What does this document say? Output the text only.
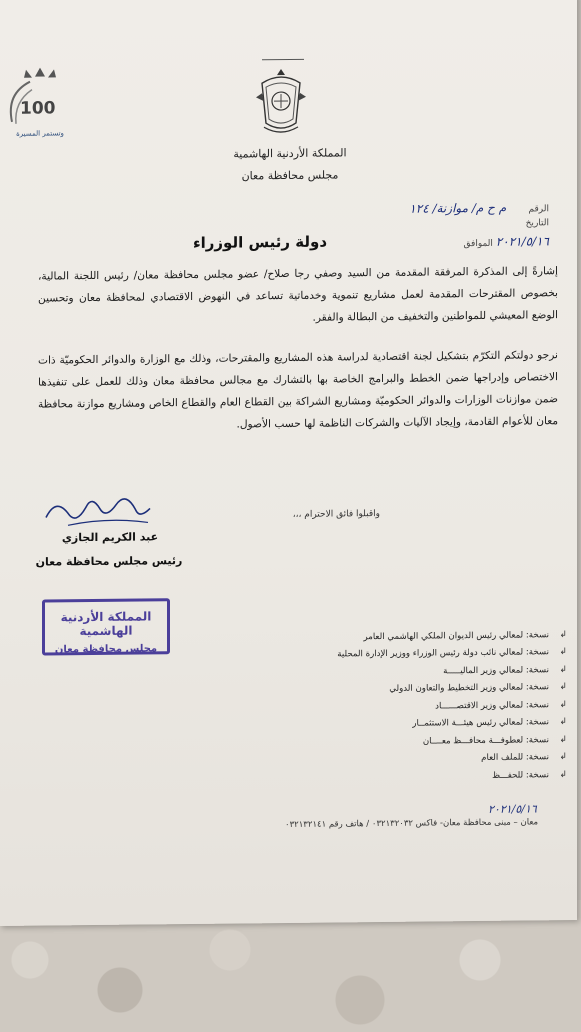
المملكة الأردنية الهاشمية
مجلس محافظة معان
100
وتستمر المسيرة
الرقم م ح م/ موازنة/ ١٢٤
التاريخ
الموافق ٢٠٢١/٥/١٦
دولة رئيس الوزراء
إشارةً إلى المذكرة المرفقة المقدمة من السيد وصفي رجا صلاح/ عضو مجلس محافظة معان/ رئيس اللجنة المالية، بخصوص المقترحات المقدمة لعمل مشاريع تنموية وخدماتية تساعد في النهوض الاقتصادي لمحافظة معان وتحسين الوضع المعيشي للمواطنين والتخفيف من البطالة والفقر.
نرجو دولتكم التكرّم بتشكيل لجنة اقتصادية لدراسة هذه المشاريع والمقترحات، وذلك مع الوزارة والدوائر الحكوميّة ذات الاختصاص وإدراجها ضمن الخطط والبرامج الخاصة بها بالتشارك مع مجالس محافظة معان وذلك للعمل على تنفيذها ضمن موازنات الوزارات والدوائر الحكوميّة ومشاريع الشراكة بين القطاع العام والقطاع الخاص ومشاريع موازنة محافظة معان للأعوام القادمة، وإيجاد الآليات والشركات الناظمة لها حسب الأصول.
واقبلوا فائق الاحترام ،،،
عبد الكريم الجازي
رئيس مجلس محافظة معان
المملكة الأردنية الهاشمية
مجلس محافظة معان
↲
نسخة: لمعالي رئيس الديوان الملكي الهاشمي العامر
↲
نسخة: لمعالي نائب دولة رئيس الوزراء ووزير الإدارة المحلية
↲
نسخة: لمعالي وزير الماليـــــة
↲
نسخة: لمعالي وزير التخطيط والتعاون الدولي
↲
نسخة: لمعالي وزير الاقتصــــــاد
↲
نسخة: لمعالي رئيس هيئـــة الاستثمــار
↲
نسخة: لعطوفـــة محافـــظ معــــان
↲
نسخة: للملف العام
↲
نسخة: للحفـــظ
٢٠٢١/٥/١٦
معان – مبنى محافظة معان- فاكس ٠٣٢١٣٢٠٣٢ / هاتف رقم ٠٣٢١٣٢١٤١
